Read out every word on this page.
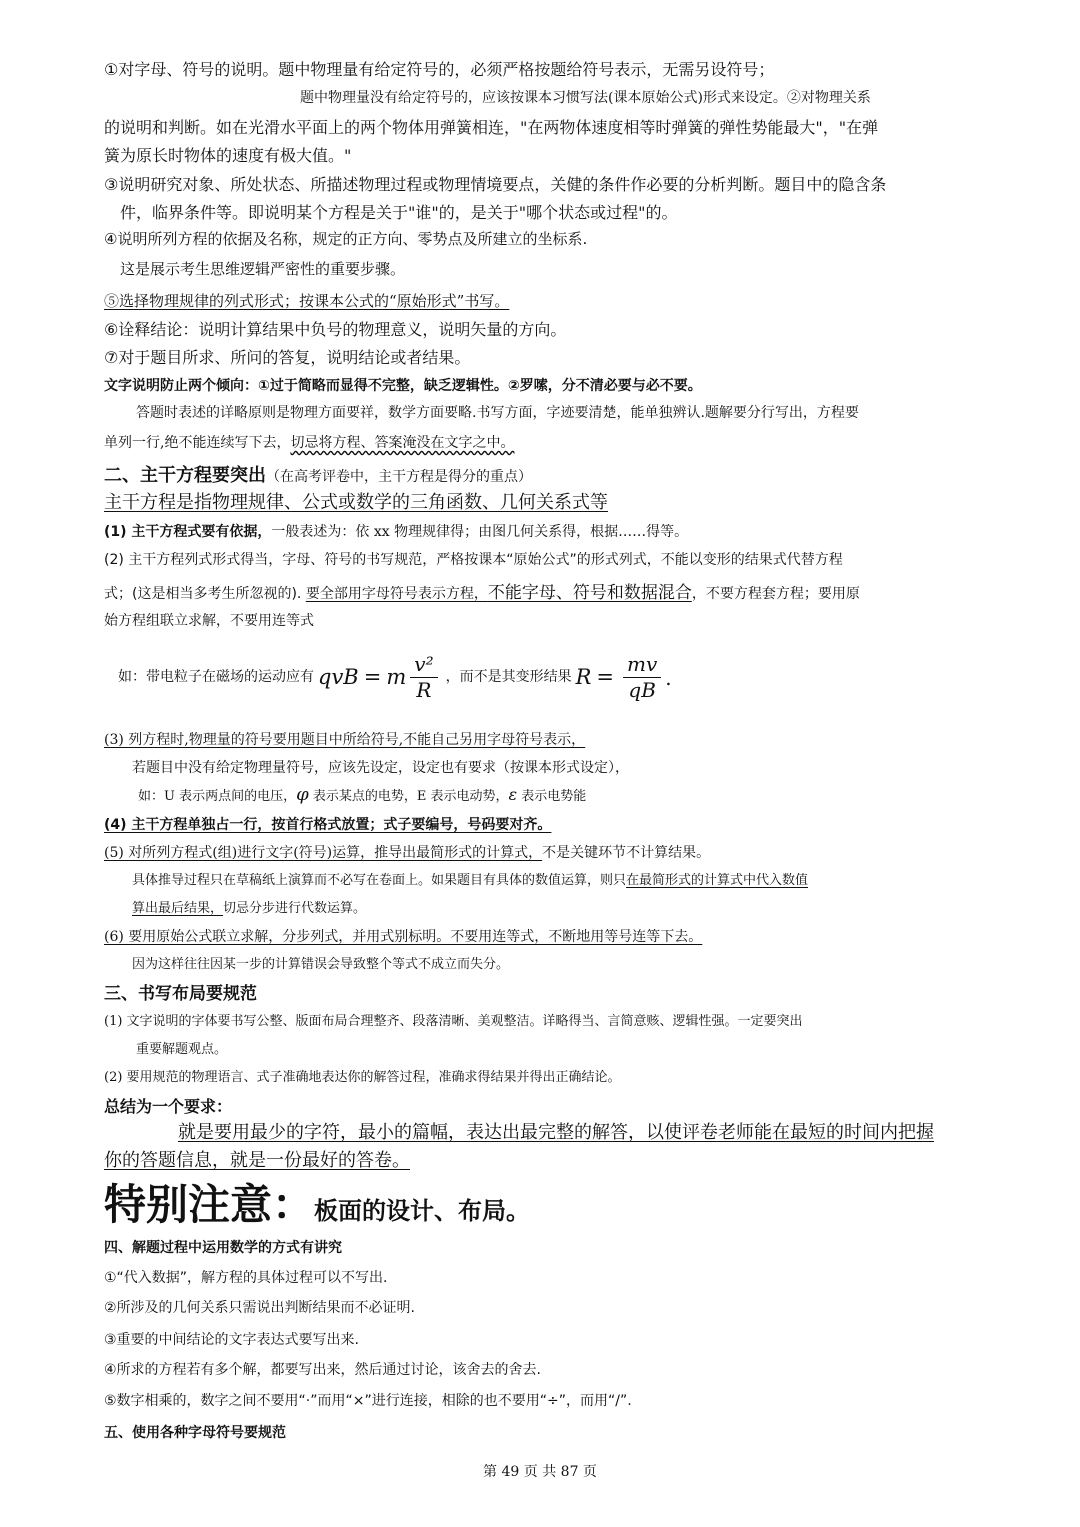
①对字母、符号的说明。题中物理量有给定符号的，必须严格按题给符号表示，无需另设符号；
题中物理量没有给定符号的，应该按课本习惯写法(课本原始公式)形式来设定。②对物理关系
的说明和判断。如在光滑水平面上的两个物体用弹簧相连，"在两物体速度相等时弹簧的弹性势能最大"，"在弹
簧为原长时物体的速度有极大值。"
③说明研究对象、所处状态、所描述物理过程或物理情境要点，关健的条件作必要的分析判断。题目中的隐含条
件，临界条件等。即说明某个方程是关于"谁"的，是关于"哪个状态或过程"的。
④说明所列方程的依据及名称，规定的正方向、零势点及所建立的坐标系.
这是展示考生思维逻辑严密性的重要步骤。
⑤选择物理规律的列式形式；按课本公式的“原始形式”书写。
⑥诠释结论：说明计算结果中负号的物理意义，说明矢量的方向。
⑦对于题目所求、所问的答复，说明结论或者结果。
文字说明防止两个倾向：①过于简略而显得不完整，缺乏逻辑性。②罗嗦，分不清必要与必不要。
答题时表述的详略原则是物理方面要祥，数学方面要略.书写方面，字迹要清楚，能单独辨认.题解要分行写出，方程要
单列一行,绝不能连续写下去，切忌将方程、答案淹没在文字之中。
二、主干方程要突出（在高考评卷中，主干方程是得分的重点）
主干方程是指物理规律、公式或数学的三角函数、几何关系式等
(1) 主干方程式要有依据，一般表述为：依 xx 物理规律得；由图几何关系得，根据……得等。
(2) 主干方程列式形式得当，字母、符号的书写规范，严格按课本“原始公式”的形式列式，不能以变形的结果式代替方程
式；(这是相当多考生所忽视的). 要全部用字母符号表示方程，不能字母、符号和数据混合，不要方程套方程；要用原
始方程组联立求解，不要用连等式
如：带电粒子在磁场的运动应有 qvB = m $\frac{\text{v²}}{R}$ ，而不是其变形结果 $R = \frac{mv}{qB}$ .
(3) 列方程时,物理量的符号要用题目中所给符号,不能自己另用字母符号表示，
若题目中没有给定物理量符号，应该先设定，设定也有要求（按课本形式设定），
如：U 表示两点间的电压，φ 表示某点的电势，E 表示电动势，ε 表示电势能
(4) 主干方程单独占一行，按首行格式放置；式子要编号，号码要对齐。
(5) 对所列方程式(组)进行文字(符号)运算，推导出最简形式的计算式，不是关键环节不计算结果。
具体推导过程只在草稿纸上演算而不必写在卷面上。如果题目有具体的数值运算，则只在最简形式的计算式中代入数值
算出最后结果，切忌分步进行代数运算。
(6) 要用原始公式联立求解，分步列式，并用式别标明。不要用连等式，不断地用等号连等下去。
因为这样往往因某一步的计算错误会导致整个等式不成立而失分。
三、书写布局要规范
(1) 文字说明的字体要书写公整、版面布局合理整齐、段落清晰、美观整洁。详略得当、言简意赅、逻辑性强。一定要突出
重要解题观点。
(2) 要用规范的物理语言、式子准确地表达你的解答过程，准确求得结果并得出正确结论。
总结为一个要求：
就是要用最少的字符，最小的篇幅，表达出最完整的解答，以使评卷老师能在最短的时间内把握
你的答题信息，就是一份最好的答卷。
特别注意： 板面的设计、布局。
四、解题过程中运用数学的方式有讲究
①“代入数据”，解方程的具体过程可以不写出.
②所涉及的几何关系只需说出判断结果而不必证明.
③重要的中间结论的文字表达式要写出来.
④所求的方程若有多个解，都要写出来，然后通过讨论，该舍去的舍去.
⑤数字相乘的，数字之间不要用“·”而用“×”进行连接，相除的也不要用“÷”，而用“/”.
五、使用各种字母符号要规范
第 49 页 共 87 页
